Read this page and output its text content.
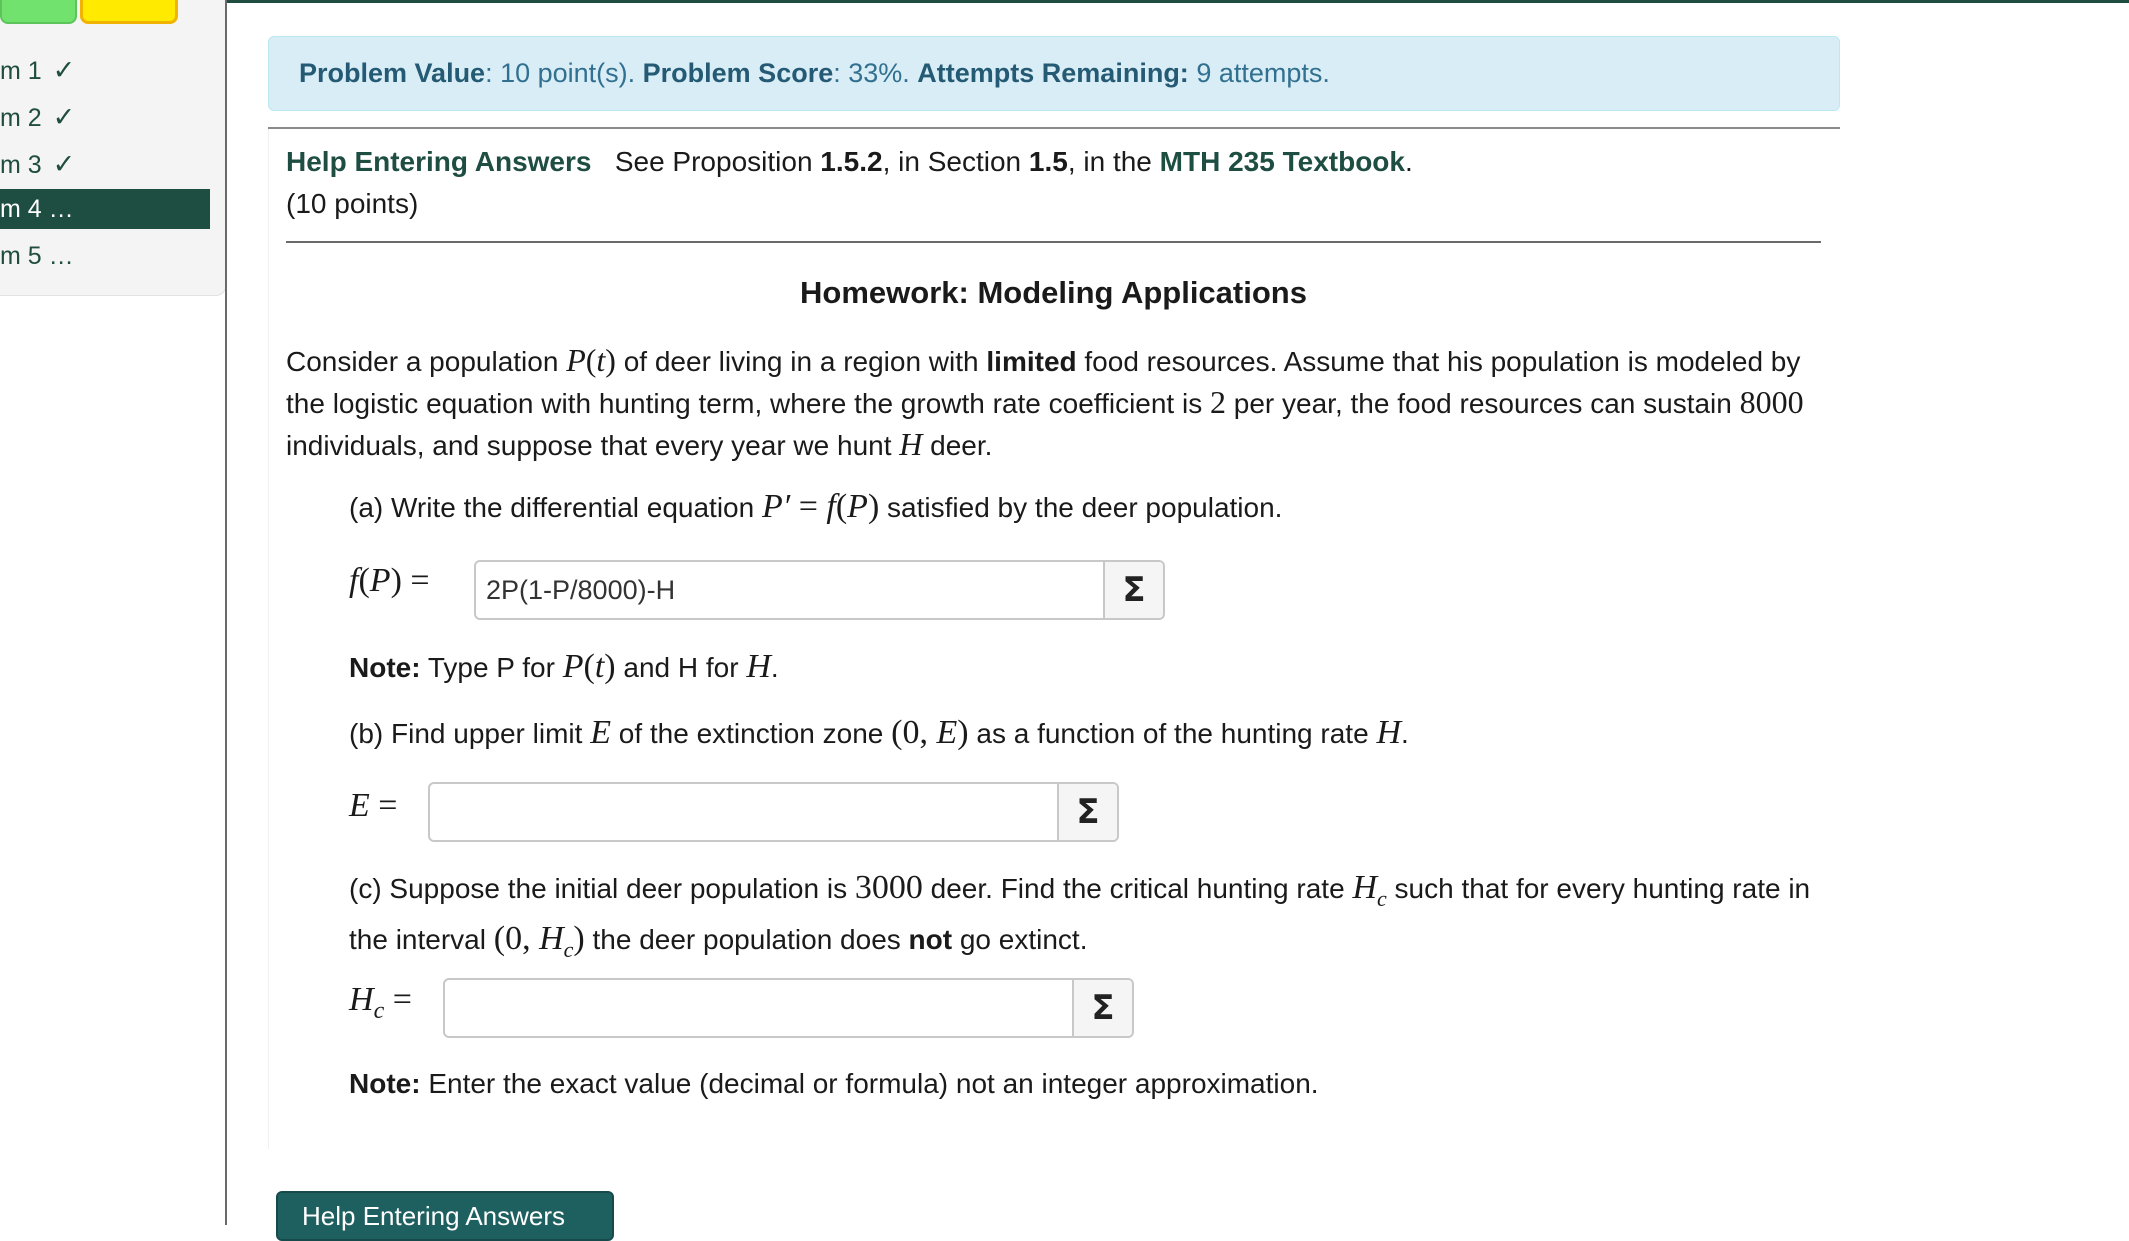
m 1 ✓
m 2 ✓
m 3 ✓
m 4 …
m 5 …
Problem Value: 10 point(s). Problem Score: 33%. Attempts Remaining: 9 attempts.
Help Entering Answers See Proposition 1.5.2, in Section 1.5, in the MTH 235 Textbook.
(10 points)
Homework: Modeling Applications
Consider a population P(t) of deer living in a region with limited food resources. Assume that his population is modeled by the logistic equation with hunting term, where the growth rate coefficient is 2 per year, the food resources can sustain 8000 individuals, and suppose that every year we hunt H deer.
(a) Write the differential equation P′ = f(P) satisfied by the deer population.
f(P) =
2P(1-P/8000)-H	Σ
Note: Type P for P(t) and H for H.
(b) Find upper limit E of the extinction zone (0, E) as a function of the hunting rate H.
E =	Σ
(c) Suppose the initial deer population is 3000 deer. Find the critical hunting rate $H_c$ such that for every hunting rate in the interval (0, $H_c$) the deer population does not go extinct.
$H_c$ =	Σ
Note: Enter the exact value (decimal or formula) not an integer approximation.
Help Entering Answers
